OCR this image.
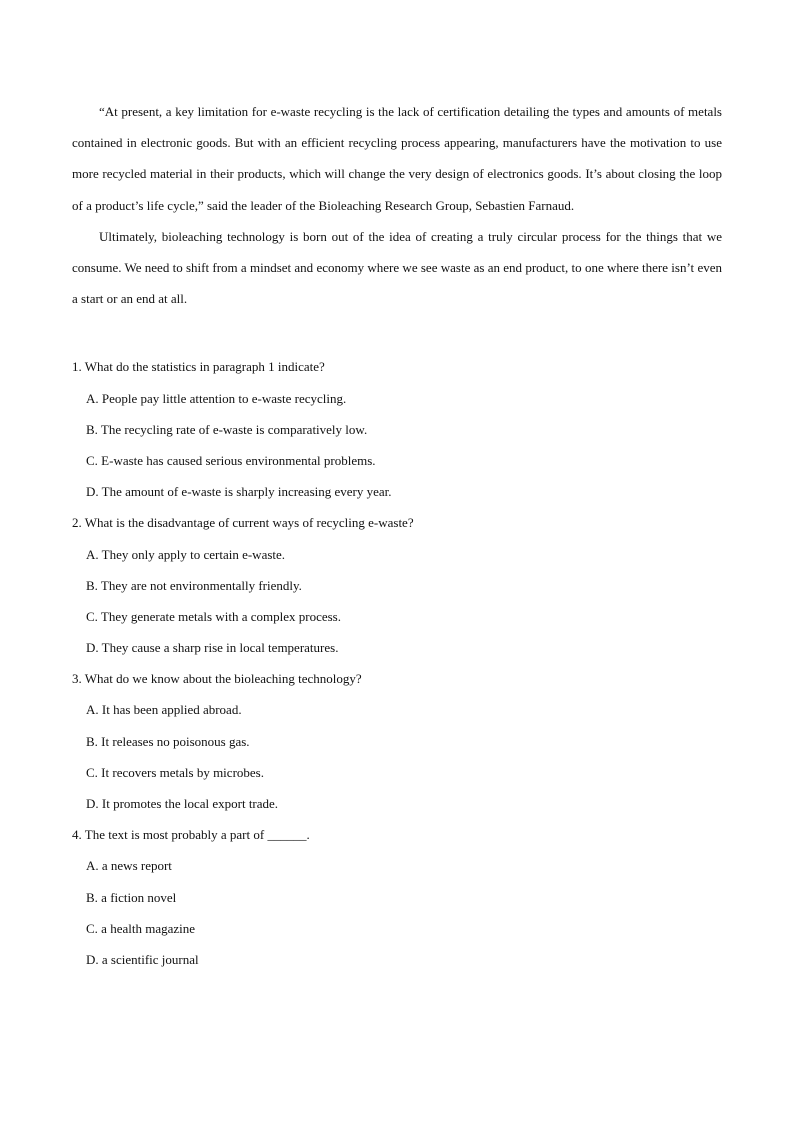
“At present, a key limitation for e-waste recycling is the lack of certification detailing the types and amounts of metals contained in electronic goods. But with an efficient recycling process appearing, manufacturers have the motivation to use more recycled material in their products, which will change the very design of electronics goods. It’s about closing the loop of a product’s life cycle,” said the leader of the Bioleaching Research Group, Sebastien Farnaud.

Ultimately, bioleaching technology is born out of the idea of creating a truly circular process for the things that we consume. We need to shift from a mindset and economy where we see waste as an end product, to one where there isn’t even a start or an end at all.

1. What do the statistics in paragraph 1 indicate?
A. People pay little attention to e-waste recycling.
B. The recycling rate of e-waste is comparatively low.
C. E-waste has caused serious environmental problems.
D. The amount of e-waste is sharply increasing every year.
2. What is the disadvantage of current ways of recycling e-waste?
A. They only apply to certain e-waste.
B. They are not environmentally friendly.
C. They generate metals with a complex process.
D. They cause a sharp rise in local temperatures.
3. What do we know about the bioleaching technology?
A. It has been applied abroad.
B. It releases no poisonous gas.
C. It recovers metals by microbes.
D. It promotes the local export trade.
4. The text is most probably a part of ______.
A. a news report
B. a fiction novel
C. a health magazine
D. a scientific journal
